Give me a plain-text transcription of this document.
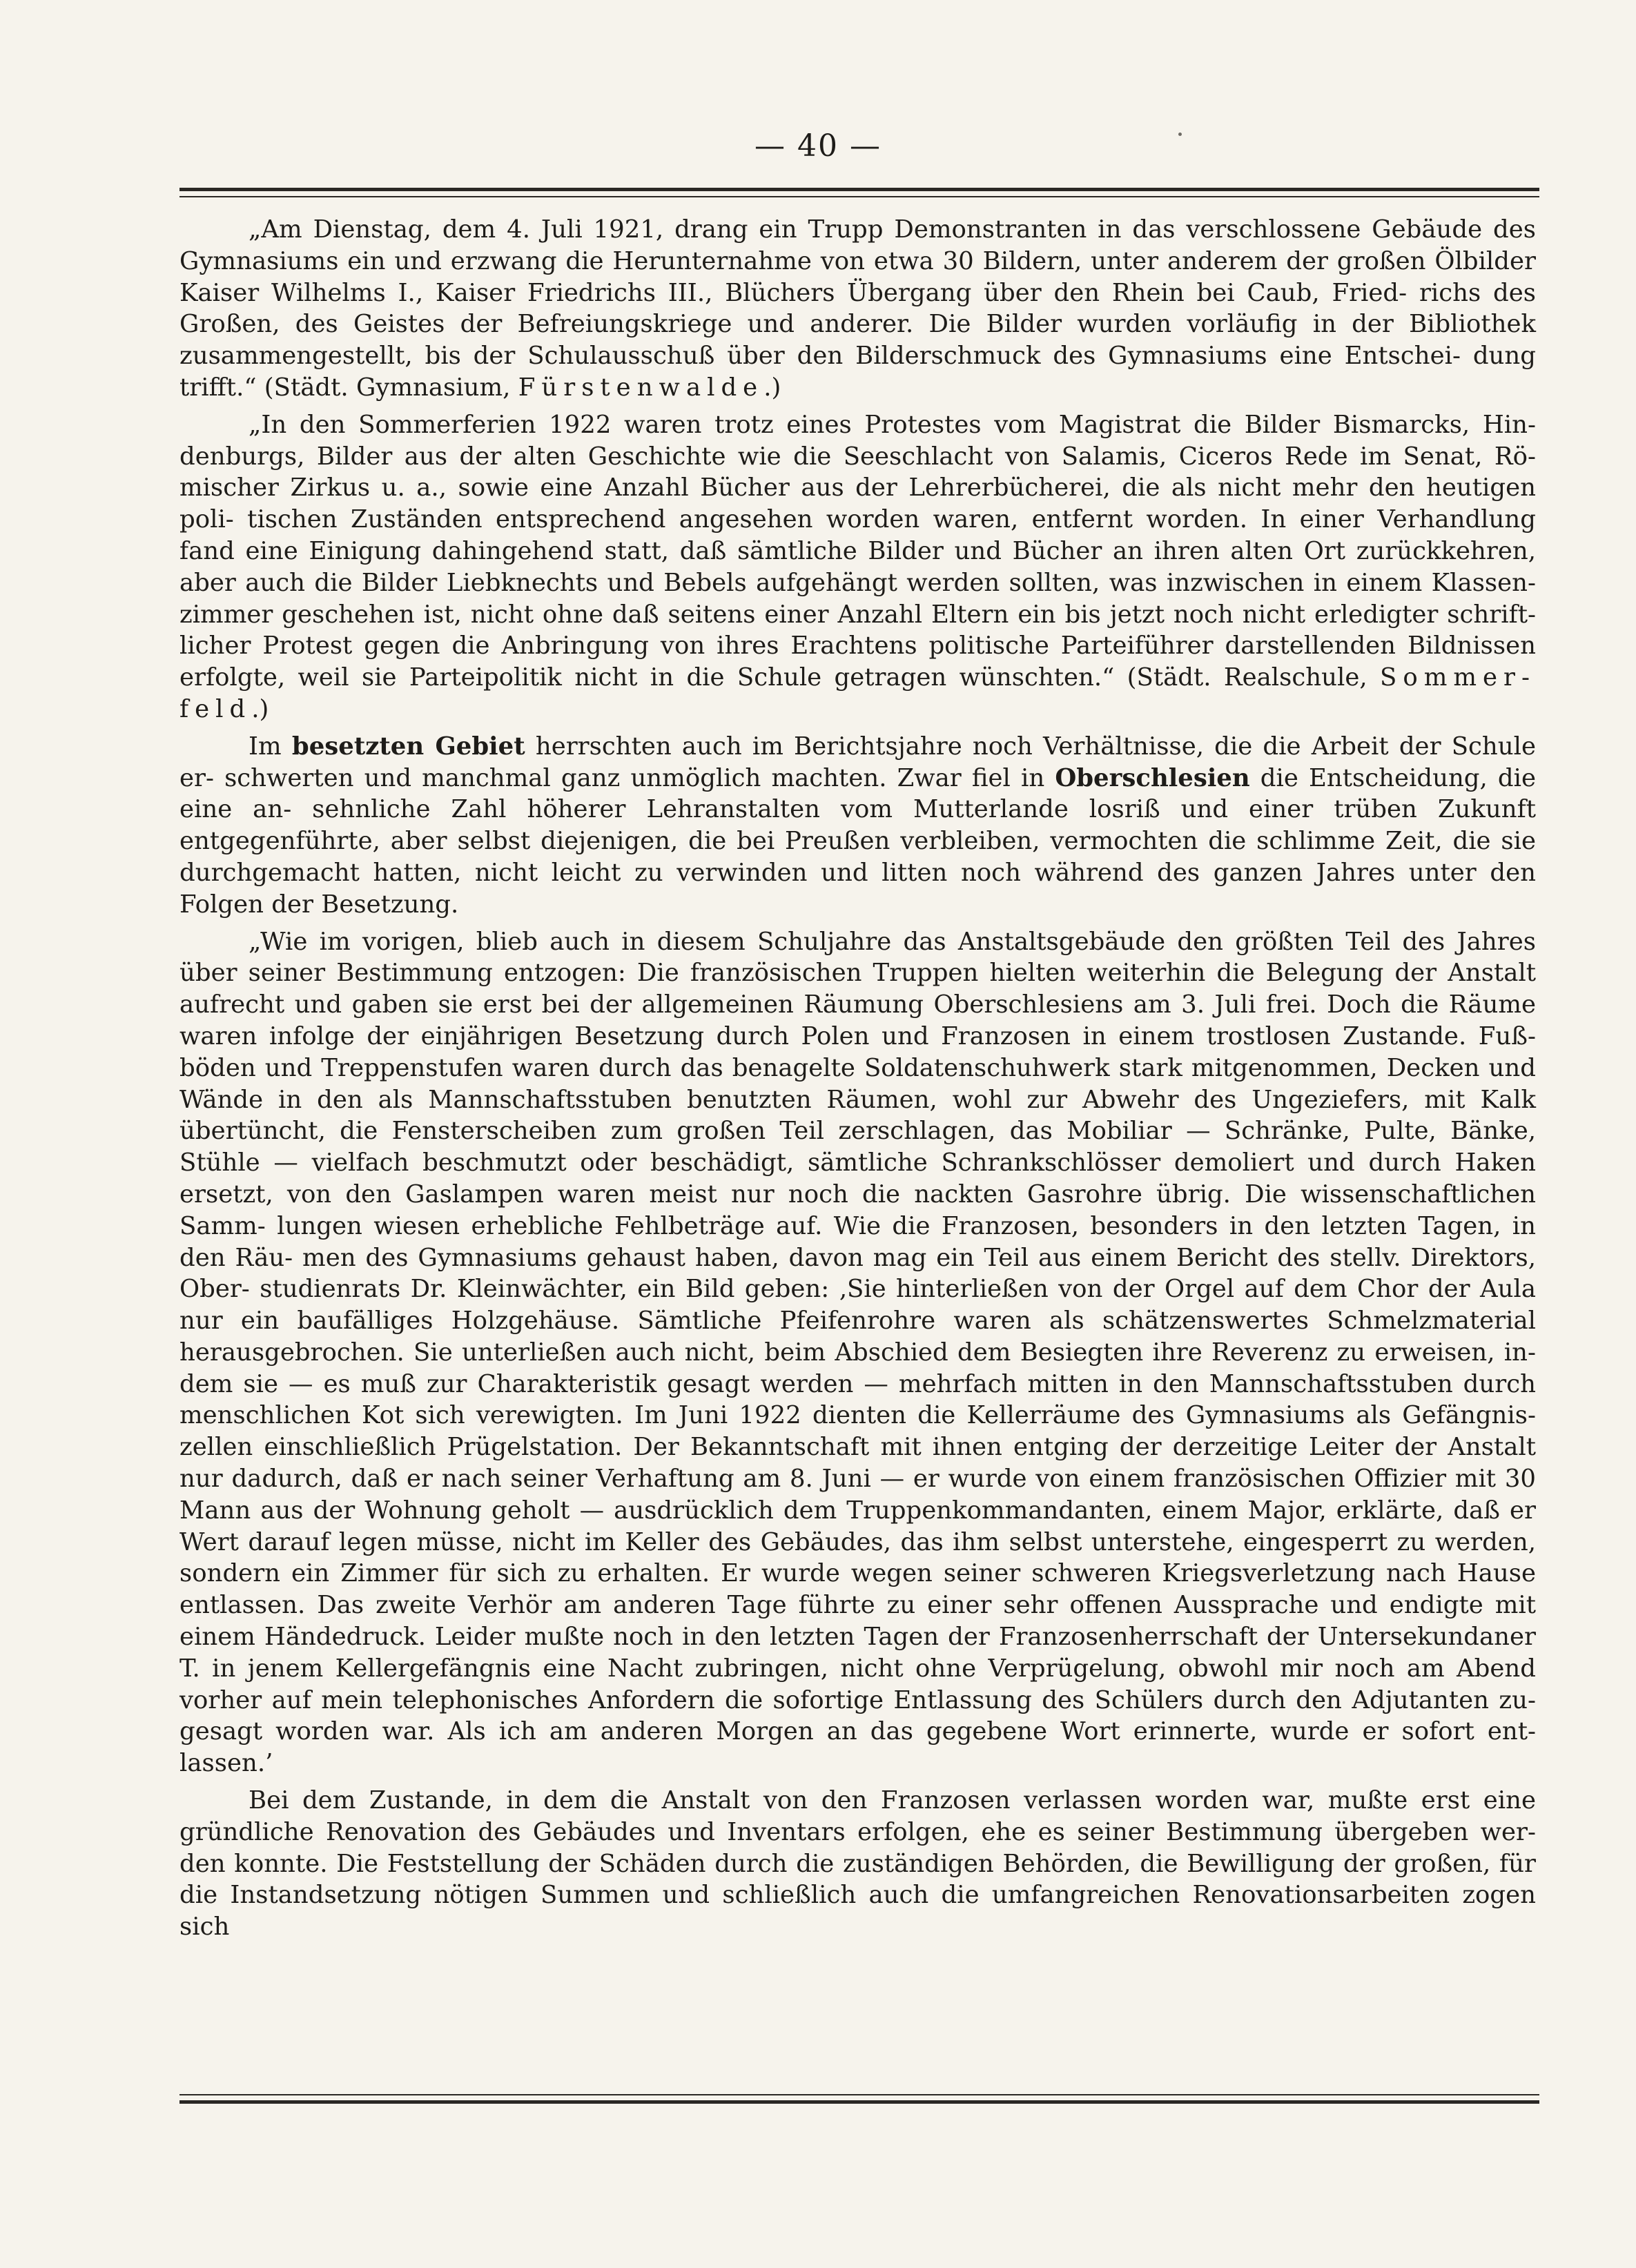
— 40 —

„Am Dienstag, dem 4. Juli 1921, drang ein Trupp Demonstranten in das verschlossene Gebäude des Gymnasiums ein und erzwang die Herunternahme von etwa 30 Bildern, unter anderem der großen Ölbilder Kaiser Wilhelms I., Kaiser Friedrichs III., Blüchers Übergang über den Rhein bei Caub, Fried- richs des Großen, des Geistes der Befreiungskriege und anderer. Die Bilder wurden vorläufig in der Bibliothek zusammengestellt, bis der Schulausschuß über den Bilderschmuck des Gymnasiums eine Entschei- dung trifft.“ (Städt. Gymnasium, Fürstenwalde.)

„In den Sommerferien 1922 waren trotz eines Protestes vom Magistrat die Bilder Bismarcks, Hin- denburgs, Bilder aus der alten Geschichte wie die Seeschlacht von Salamis, Ciceros Rede im Senat, Rö- mischer Zirkus u. a., sowie eine Anzahl Bücher aus der Lehrerbücherei, die als nicht mehr den heutigen poli- tischen Zuständen entsprechend angesehen worden waren, entfernt worden. In einer Verhandlung fand eine Einigung dahingehend statt, daß sämtliche Bilder und Bücher an ihren alten Ort zurückkehren, aber auch die Bilder Liebknechts und Bebels aufgehängt werden sollten, was inzwischen in einem Klassen- zimmer geschehen ist, nicht ohne daß seitens einer Anzahl Eltern ein bis jetzt noch nicht erledigter schrift- licher Protest gegen die Anbringung von ihres Erachtens politische Parteiführer darstellenden Bildnissen erfolgte, weil sie Parteipolitik nicht in die Schule getragen wünschten.“ (Städt. Realschule, Sommer- feld.)

Im besetzten Gebiet herrschten auch im Berichtsjahre noch Verhältnisse, die die Arbeit der Schule er- schwerten und manchmal ganz unmöglich machten. Zwar fiel in Oberschlesien die Entscheidung, die eine an- sehnliche Zahl höherer Lehranstalten vom Mutterlande losriß und einer trüben Zukunft entgegenführte, aber selbst diejenigen, die bei Preußen verbleiben, vermochten die schlimme Zeit, die sie durchgemacht hatten, nicht leicht zu verwinden und litten noch während des ganzen Jahres unter den Folgen der Besetzung.

„Wie im vorigen, blieb auch in diesem Schuljahre das Anstaltsgebäude den größten Teil des Jahres über seiner Bestimmung entzogen: Die französischen Truppen hielten weiterhin die Belegung der Anstalt aufrecht und gaben sie erst bei der allgemeinen Räumung Oberschlesiens am 3. Juli frei. Doch die Räume waren infolge der einjährigen Besetzung durch Polen und Franzosen in einem trostlosen Zustande. Fuß- böden und Treppenstufen waren durch das benagelte Soldatenschuhwerk stark mitgenommen, Decken und Wände in den als Mannschaftsstuben benutzten Räumen, wohl zur Abwehr des Ungeziefers, mit Kalk übertüncht, die Fensterscheiben zum großen Teil zerschlagen, das Mobiliar — Schränke, Pulte, Bänke, Stühle — vielfach beschmutzt oder beschädigt, sämtliche Schrankschlösser demoliert und durch Haken ersetzt, von den Gaslampen waren meist nur noch die nackten Gasrohre übrig. Die wissenschaftlichen Samm- lungen wiesen erhebliche Fehlbeträge auf. Wie die Franzosen, besonders in den letzten Tagen, in den Räu- men des Gymnasiums gehaust haben, davon mag ein Teil aus einem Bericht des stellv. Direktors, Ober- studienrats Dr. Kleinwächter, ein Bild geben: ‚Sie hinterließen von der Orgel auf dem Chor der Aula nur ein baufälliges Holzgehäuse. Sämtliche Pfeifenrohre waren als schätzenswertes Schmelzmaterial herausgebrochen. Sie unterließen auch nicht, beim Abschied dem Besiegten ihre Reverenz zu erweisen, in- dem sie — es muß zur Charakteristik gesagt werden — mehrfach mitten in den Mannschaftsstuben durch menschlichen Kot sich verewigten. Im Juni 1922 dienten die Kellerräume des Gymnasiums als Gefängnis- zellen einschließlich Prügelstation. Der Bekanntschaft mit ihnen entging der derzeitige Leiter der Anstalt nur dadurch, daß er nach seiner Verhaftung am 8. Juni — er wurde von einem französischen Offizier mit 30 Mann aus der Wohnung geholt — ausdrücklich dem Truppenkommandanten, einem Major, erklärte, daß er Wert darauf legen müsse, nicht im Keller des Gebäudes, das ihm selbst unterstehe, eingesperrt zu werden, sondern ein Zimmer für sich zu erhalten. Er wurde wegen seiner schweren Kriegsverletzung nach Hause entlassen. Das zweite Verhör am anderen Tage führte zu einer sehr offenen Aussprache und endigte mit einem Händedruck. Leider mußte noch in den letzten Tagen der Franzosenherrschaft der Untersekundaner T. in jenem Kellergefängnis eine Nacht zubringen, nicht ohne Verprügelung, obwohl mir noch am Abend vorher auf mein telephonisches Anfordern die sofortige Entlassung des Schülers durch den Adjutanten zu- gesagt worden war. Als ich am anderen Morgen an das gegebene Wort erinnerte, wurde er sofort ent- lassen.’

Bei dem Zustande, in dem die Anstalt von den Franzosen verlassen worden war, mußte erst eine gründliche Renovation des Gebäudes und Inventars erfolgen, ehe es seiner Bestimmung übergeben wer- den konnte. Die Feststellung der Schäden durch die zuständigen Behörden, die Bewilligung der großen, für die Instandsetzung nötigen Summen und schließlich auch die umfangreichen Renovationsarbeiten zogen sich
